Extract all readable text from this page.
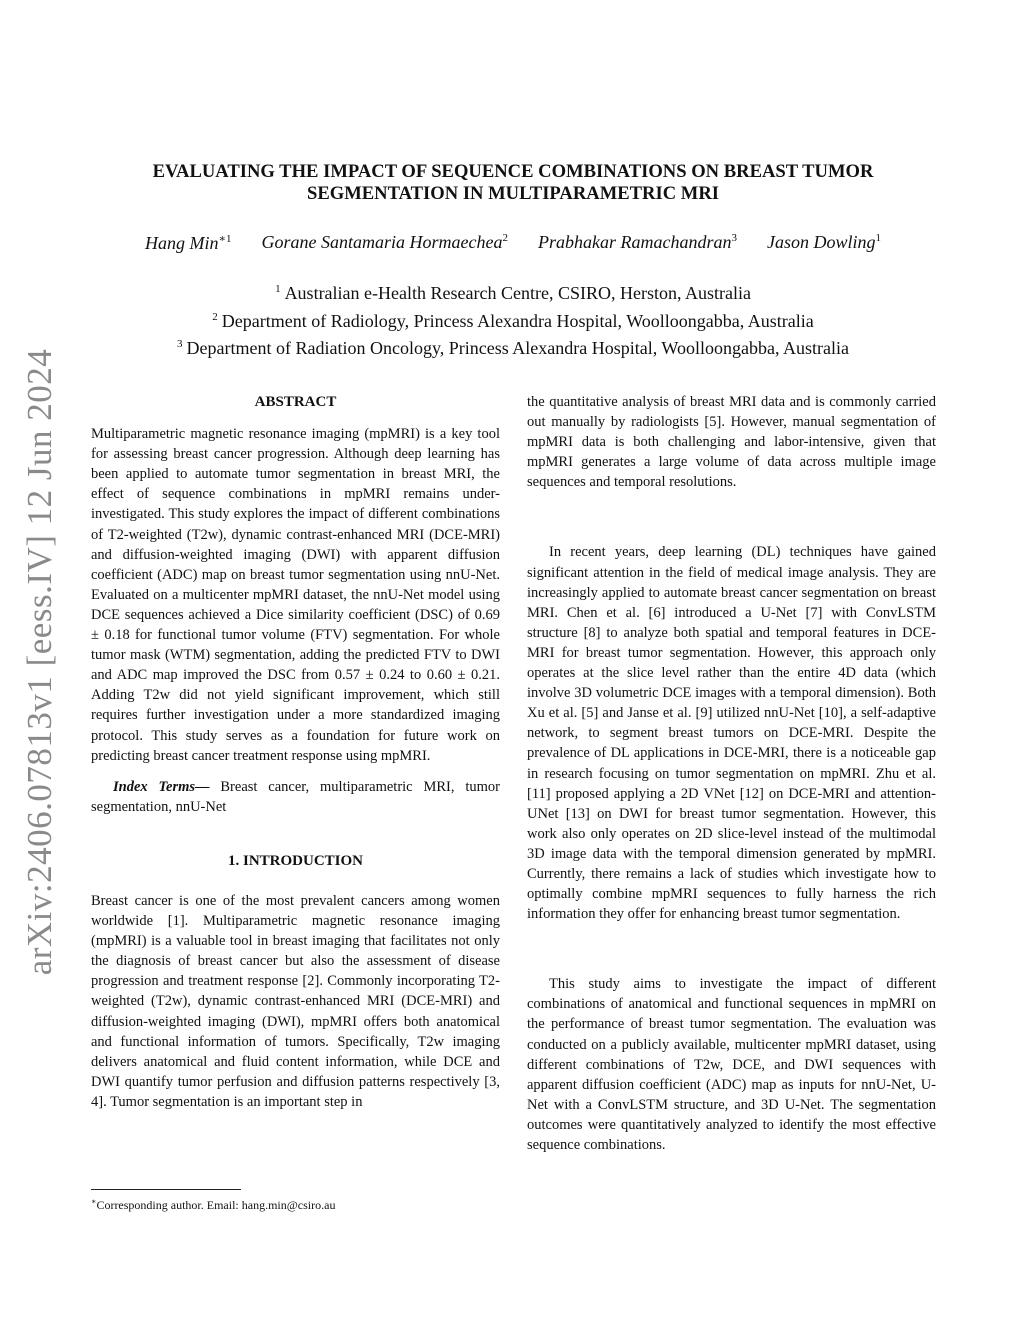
arXiv:2406.07813v1 [eess.IV] 12 Jun 2024
EVALUATING THE IMPACT OF SEQUENCE COMBINATIONS ON BREAST TUMOR
SEGMENTATION IN MULTIPARAMETRIC MRI
Hang Min$^{∗1}$ Gorane Santamaria Hormaechea$^2$ Prabhakar Ramachandran$^3$ Jason Dowling$^1$
$^1$ Australian e-Health Research Centre, CSIRO, Herston, Australia
$^2$ Department of Radiology, Princess Alexandra Hospital, Woolloongabba, Australia
$^3$ Department of Radiation Oncology, Princess Alexandra Hospital, Woolloongabba, Australia
ABSTRACT

Multiparametric magnetic resonance imaging (mpMRI) is a key tool for assessing breast cancer progression. Although deep learning has been applied to automate tumor segmentation in breast MRI, the effect of sequence combinations in mpMRI remains under-investigated. This study explores the impact of different combinations of T2-weighted (T2w), dynamic contrast-enhanced MRI (DCE-MRI) and diffusion-weighted imaging (DWI) with apparent diffusion coefficient (ADC) map on breast tumor segmentation using nnU-Net. Evaluated on a multicenter mpMRI dataset, the nnU-Net model using DCE sequences achieved a Dice similarity coefficient (DSC) of 0.69 ± 0.18 for functional tumor volume (FTV) segmentation. For whole tumor mask (WTM) segmentation, adding the predicted FTV to DWI and ADC map improved the DSC from 0.57 ± 0.24 to 0.60 ± 0.21. Adding T2w did not yield significant improvement, which still requires further investigation under a more standardized imaging protocol. This study serves as a foundation for future work on predicting breast cancer treatment response using mpMRI.

Index Terms— Breast cancer, multiparametric MRI, tumor segmentation, nnU-Net

1. INTRODUCTION

Breast cancer is one of the most prevalent cancers among women worldwide [1]. Multiparametric magnetic resonance imaging (mpMRI) is a valuable tool in breast imaging that facilitates not only the diagnosis of breast cancer but also the assessment of disease progression and treatment response [2]. Commonly incorporating T2-weighted (T2w), dynamic contrast-enhanced MRI (DCE-MRI) and diffusion-weighted imaging (DWI), mpMRI offers both anatomical and functional information of tumors. Specifically, T2w imaging delivers anatomical and fluid content information, while DCE and DWI quantify tumor perfusion and diffusion patterns respectively [3, 4]. Tumor segmentation is an important step in

the quantitative analysis of breast MRI data and is commonly carried out manually by radiologists [5]. However, manual segmentation of mpMRI data is both challenging and labor-intensive, given that mpMRI generates a large volume of data across multiple image sequences and temporal resolutions.

In recent years, deep learning (DL) techniques have gained significant attention in the field of medical image analysis. They are increasingly applied to automate breast cancer segmentation on breast MRI. Chen et al. [6] introduced a U-Net [7] with ConvLSTM structure [8] to analyze both spatial and temporal features in DCE-MRI for breast tumor segmentation. However, this approach only operates at the slice level rather than the entire 4D data (which involve 3D volumetric DCE images with a temporal dimension). Both Xu et al. [5] and Janse et al. [9] utilized nnU-Net [10], a self-adaptive network, to segment breast tumors on DCE-MRI. Despite the prevalence of DL applications in DCE-MRI, there is a noticeable gap in research focusing on tumor segmentation on mpMRI. Zhu et al. [11] proposed applying a 2D VNet [12] on DCE-MRI and attention-UNet [13] on DWI for breast tumor segmentation. However, this work also only operates on 2D slice-level instead of the multimodal 3D image data with the temporal dimension generated by mpMRI. Currently, there remains a lack of studies which investigate how to optimally combine mpMRI sequences to fully harness the rich information they offer for enhancing breast tumor segmentation.

This study aims to investigate the impact of different combinations of anatomical and functional sequences in mpMRI on the performance of breast tumor segmentation. The evaluation was conducted on a publicly available, multicenter mpMRI dataset, using different combinations of T2w, DCE, and DWI sequences with apparent diffusion coefficient (ADC) map as inputs for nnU-Net, U-Net with a ConvLSTM structure, and 3D U-Net. The segmentation outcomes were quantitatively analyzed to identify the most effective sequence combinations.

∗Corresponding author. Email: hang.min@csiro.au
